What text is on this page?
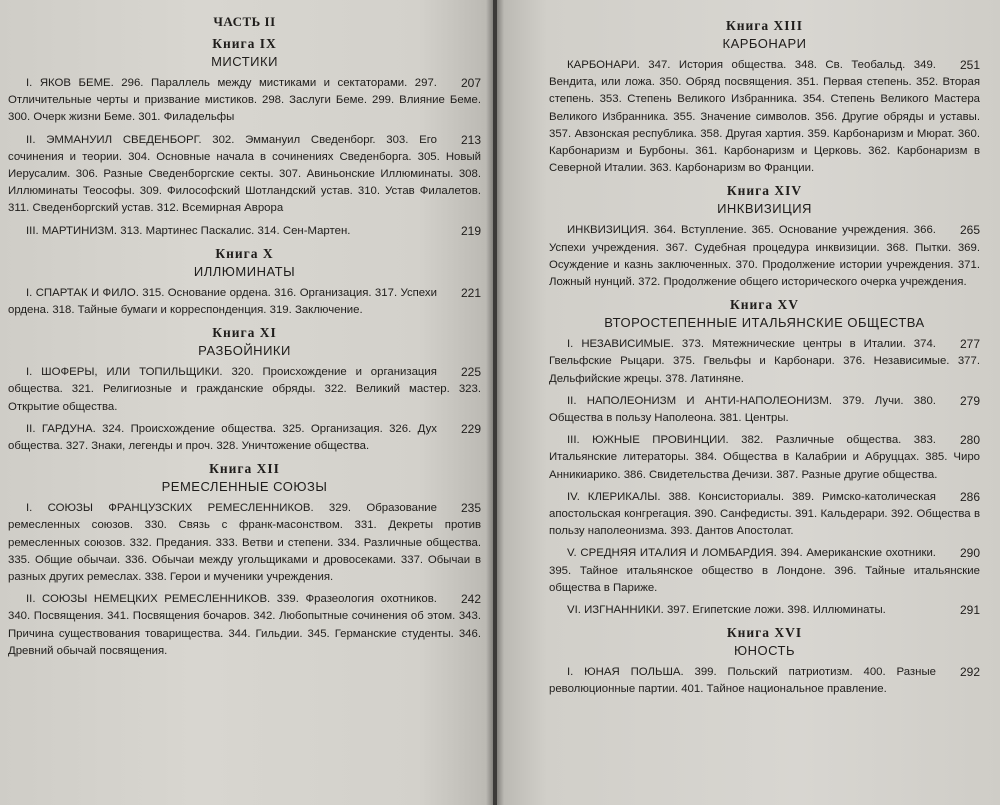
ЧАСТЬ II
Книга IX
МИСТИКИ

207
I. ЯКОВ БЕМЕ. 296. Параллель между мистиками и сектаторами. 297. Отличительные черты и призвание мистиков. 298. Заслуги Беме. 299. Влияние Беме. 300. Очерк жизни Беме. 301. Филадельфы

213
II. ЭММАНУИЛ СВЕДЕНБОРГ. 302. Эммануил Сведенборг. 303. Его сочинения и теории. 304. Основные начала в сочинениях Сведенборга. 305. Новый Иерусалим. 306. Разные Сведенборгские секты. 307. Авиньонские Иллюминаты. 308. Иллюминаты Теософы. 309. Философский Шотландский устав. 310. Устав Филалетов. 311. Сведенборгский устав. 312. Всемирная Аврора

219
III. МАРТИНИЗМ. 313. Мартинес Паскалис. 314. Сен-Мартен.

Книга X
ИЛЛЮМИНАТЫ

221
I. СПАРТАК И ФИЛО. 315. Основание ордена. 316. Организация. 317. Успехи ордена. 318. Тайные бумаги и корреспонденция. 319. Заключение.

Книга XI
РАЗБОЙНИКИ

225
I. ШОФЕРЫ, ИЛИ ТОПИЛЬЩИКИ. 320. Происхождение и организация общества. 321. Религиозные и гражданские обряды. 322. Великий мастер. 323. Открытие общества.

229
II. ГАРДУНА. 324. Происхождение общества. 325. Организация. 326. Дух общества. 327. Знаки, легенды и проч. 328. Уничтожение общества.

Книга XII
РЕМЕСЛЕННЫЕ СОЮЗЫ

235
I. СОЮЗЫ ФРАНЦУЗСКИХ РЕМЕСЛЕННИКОВ. 329. Образование ремесленных союзов. 330. Связь с франк-масонством. 331. Декреты против ремесленных союзов. 332. Предания. 333. Ветви и степени. 334. Различные общества. 335. Общие обычаи. 336. Обычаи между угольщиками и дровосеками. 337. Обычаи в разных других ремеслах. 338. Герои и мученики учреждения.

242
II. СОЮЗЫ НЕМЕЦКИХ РЕМЕСЛЕННИКОВ. 339. Фразеология охотников. 340. Посвящения. 341. Посвящения бочаров. 342. Любопытные сочинения об этом. 343. Причина существования товарищества. 344. Гильдии. 345. Германские студенты. 346. Древний обычай посвящения.

Книга XIII
КАРБОНАРИ

251
КАРБОНАРИ. 347. История общества. 348. Св. Теобальд. 349. Вендита, или ложа. 350. Обряд посвящения. 351. Первая степень. 352. Вторая степень. 353. Степень Великого Избранника. 354. Степень Великого Мастера Великого Избранника. 355. Значение символов. 356. Другие обряды и уставы. 357. Авзонская республика. 358. Другая хартия. 359. Карбонаризм и Мюрат. 360. Карбонаризм и Бурбоны. 361. Карбонаризм и Церковь. 362. Карбонаризм в Северной Италии. 363. Карбонаризм во Франции.

Книга XIV
ИНКВИЗИЦИЯ

265
ИНКВИЗИЦИЯ. 364. Вступление. 365. Основание учреждения. 366. Успехи учреждения. 367. Судебная процедура инквизиции. 368. Пытки. 369. Осуждение и казнь заключенных. 370. Продолжение истории учреждения. 371. Ложный нунций. 372. Продолжение общего исторического очерка учреждения.

Книга XV
ВТОРОСТЕПЕННЫЕ ИТАЛЬЯНСКИЕ ОБЩЕСТВА

277
I. НЕЗАВИСИМЫЕ. 373. Мятежнические центры в Италии. 374. Гвельфские Рыцари. 375. Гвельфы и Карбонари. 376. Независимые. 377. Дельфийские жрецы. 378. Латиняне.

279
II. НАПОЛЕОНИЗМ И АНТИ-НАПОЛЕОНИЗМ. 379. Лучи. 380. Общества в пользу Наполеона. 381. Центры.

280
III. ЮЖНЫЕ ПРОВИНЦИИ. 382. Различные общества. 383. Итальянские литераторы. 384. Общества в Калабрии и Абруццах. 385. Чиро Анникиарико. 386. Свидетельства Дечизи. 387. Разные другие общества.

286
IV. КЛЕРИКАЛЫ. 388. Консисториалы. 389. Римско-католическая апостольская конгрегация. 390. Санфедисты. 391. Кальдерари. 392. Общества в пользу наполеонизма. 393. Дантов Апостолат.

290
V. СРЕДНЯЯ ИТАЛИЯ И ЛОМБАРДИЯ. 394. Американские охотники. 395. Тайное итальянское общество в Лондоне. 396. Тайные итальянские общества в Париже.

291
VI. ИЗГНАННИКИ. 397. Египетские ложи. 398. Иллюминаты.

Книга XVI
ЮНОСТЬ

292
I. ЮНАЯ ПОЛЬША. 399. Польский патриотизм. 400. Разные революционные партии. 401. Тайное национальное правление.
